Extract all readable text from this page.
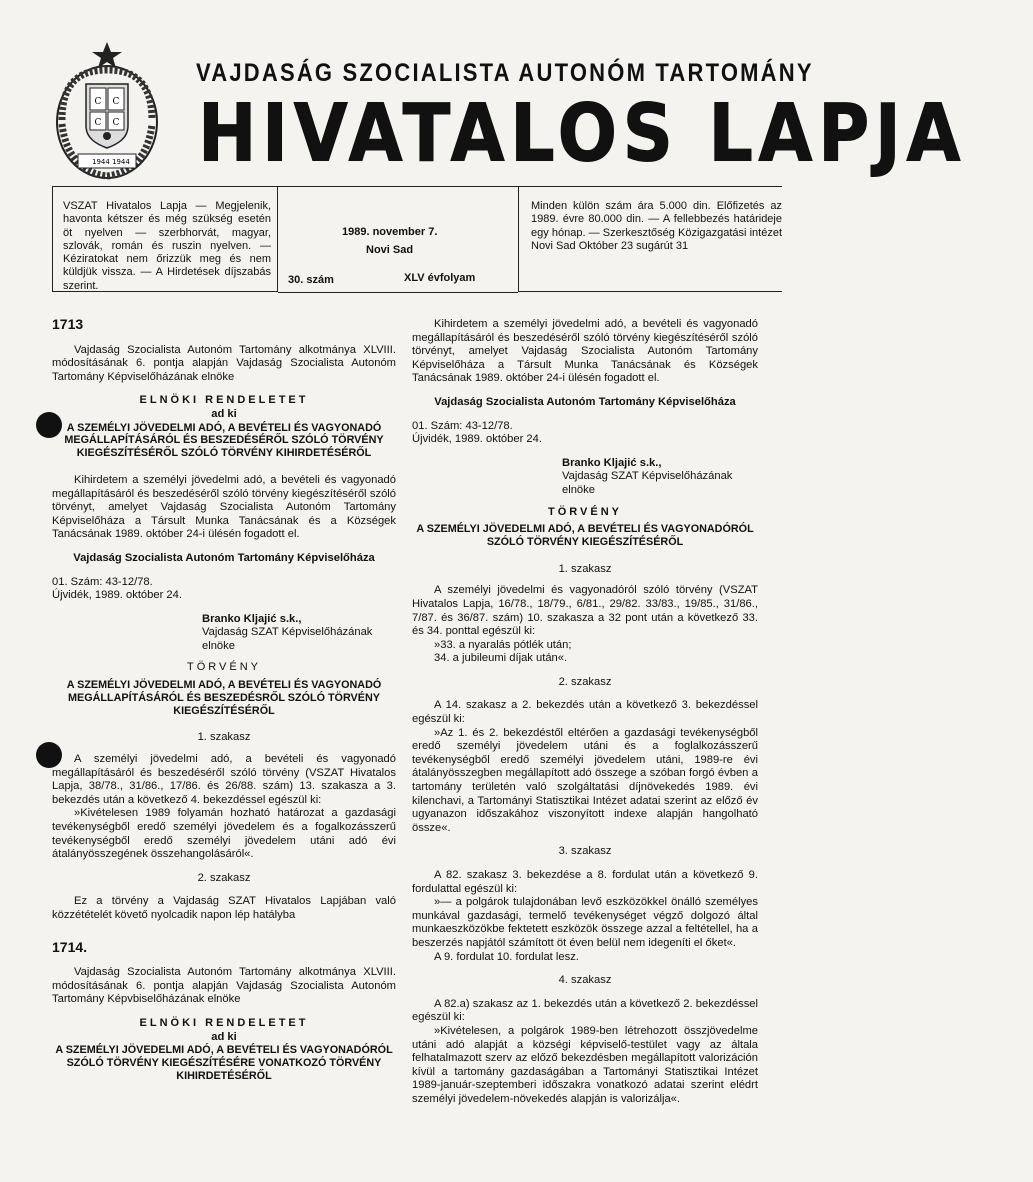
С С
С С
1944 1944
VAJDASÁG SZOCIALISTA AUTONÓM TARTOMÁNY
HIVATALOS LAPJA
VSZAT Hivatalos Lapja — Megjelenik, havonta kétszer és még szükség esetén öt nyelven — szerbhorvát, magyar, szlovák, román és ruszin nyelven. — Kéziratokat nem őrizzük meg és nem küldjük vissza. — A Hirdetések díjszabás szerint.
1989. november 7.
Novi Sad
30. szám	XLV évfolyam
Minden külön szám ára 5.000 din. Előfizetés az 1989. évre 80.000 din. — A fellebbezés határideje egy hónap. — Szerkesztőség Közigazgatási intézet Novi Sad Október 23 sugárút 31
1713

Vajdaság Szocialista Autonóm Tartomány alkotmánya XLVIII. módosításának 6. pontja alapján Vajdaság Szocialista Autonóm Tartomány Képviselőházának elnöke

ELNÖKI RENDELETET

ad ki

A SZEMÉLYI JÖVEDELMI ADÓ, A BEVÉTELI ÉS VAGYONADÓ MEGÁLLAPÍTÁSÁRÓL ÉS BESZEDÉSÉRŐL SZÓLÓ TÖRVÉNY KIEGÉSZÍTÉSÉRŐL SZÓLÓ TÖRVÉNY KIHIRDETÉSÉRŐL

Kihirdetem a személyi jövedelmi adó, a bevételi és vagyonadó megállapításáról és beszedéséről szóló törvény kiegészítéséről szóló törvényt, amelyet Vajdaság Szocialista Autonóm Tartomány Képviselőháza a Társult Munka Tanácsának és a Községek Tanácsának 1989. október 24-i ülésén fogadott el.

Vajdaság Szocialista Autonóm Tartomány Képviselőháza

01. Szám: 43-12/78.

Újvidék, 1989. október 24.

Branko Kljajić s.k.,

Vajdaság SZAT Képviselőházának

elnöke

TÖRVÉNY

A SZEMÉLYI JÖVEDELMI ADÓ, A BEVÉTELI ÉS VAGYONADÓ MEGÁLLAPÍTÁSÁRÓL ÉS BESZEDÉSRŐL SZÓLÓ TÖRVÉNY KIEGÉSZÍTÉSÉRŐL

1. szakasz

A személyi jövedelmi adó, a bevételi és vagyonadó megállapításáról és beszedéséről szóló törvény (VSZAT Hivatalos Lapja, 38/78., 31/86., 17/86. és 26/88. szám) 13. szakasza a 3. bekezdés után a következő 4. bekezdéssel egészül ki:

»Kivételesen 1989 folyamán hozható határozat a gazdasági tevékenységből eredő személyi jövedelem és a fogalkozásszerű tevékenységből eredő személyi jövedelem utáni adó évi átalányösszegének összehangolásáról«.

2. szakasz

Ez a törvény a Vajdaság SZAT Hivatalos Lapjában való közzétételét követő nyolcadik napon lép hatályba

1714.

Vajdaság Szocialista Autonóm Tartomány alkotmánya XLVIII. módosításának 6. pontja alapján Vajdaság Szocialista Autonóm Tartomány Képvbiselőházának elnöke

ELNÖKI RENDELETET

ad ki

A SZEMÉLYI JÖVEDELMI ADÓ, A BEVÉTELI ÉS VAGYONADÓRÓL SZÓLÓ TÖRVÉNY KIEGÉSZÍTÉSÉRE VONATKOZÓ TÖRVÉNY KIHIRDETÉSÉRŐL

Kihirdetem a személyi jövedelmi adó, a bevételi és vagyonadó megállapításáról és beszedéséről szóló törvény kiegészítéséről szóló törvényt, amelyet Vajdaság Szocialista Autonóm Tartomány Képviselőháza a Társult Munka Tanácsának és Községek Tanácsának 1989. október 24-i ülésén fogadott el.

Vajdaság Szocialista Autonóm Tartomány Képviselőháza

01. Szám: 43-12/78.

Újvidék, 1989. október 24.

Branko Kljajić s.k.,

Vajdaság SZAT Képviselőházának

elnöke

TÖRVÉNY

A SZEMÉLYI JÖVEDELMI ADÓ, A BEVÉTELI ÉS VAGYONADÓRÓL SZÓLÓ TÖRVÉNY KIEGÉSZÍTÉSÉRŐL

1. szakasz

A személyi jövedelmi és vagyonadóról szóló törvény (VSZAT Hivatalos Lapja, 16/78., 18/79., 6/81., 29/82. 33/83., 19/85., 31/86., 7/87. és 36/87. szám) 10. szakasza a 32 pont után a következő 33. és 34. ponttal egészül ki:

»33. a nyaralás pótlék után;

34. a jubileumi díjak után«.

2. szakasz

A 14. szakasz a 2. bekezdés után a következő 3. bekezdéssel egészül ki:

»Az 1. és 2. bekezdéstől eltérően a gazdasági tevékenységből eredő személyi jövedelem utáni és a foglalkozásszerű tevékenységből eredő személyi jövedelem utáni, 1989-re évi átalányösszegben megállapított adó összege a szóban forgó évben a tartomány területén való szolgáltatási díjnövekedés 1989. évi kilenchavi, a Tartományi Statisztikai Intézet adatai szerint az előző év ugyanazon időszakához viszonyított indexe alapján hangolható össze«.

3. szakasz

A 82. szakasz 3. bekezdése a 8. fordulat után a következő 9. fordulattal egészül ki:

»— a polgárok tulajdonában levő eszközökkel önálló személyes munkával gazdasági, termelő tevékenységet végző dolgozó által munkaeszközökbe fektetett eszközök összege azzal a feltétellel, ha a beszerzés napjától számított öt éven belül nem idegeníti el őket«.

A 9. fordulat 10. fordulat lesz.

4. szakasz

A 82.a) szakasz az 1. bekezdés után a következő 2. bekezdéssel egészül ki:

»Kivételesen, a polgárok 1989-ben létrehozott összjövedelme utáni adó alapját a községi képviselő-testület vagy az általa felhatalmazott szerv az előző bekezdésben megállapított valorizáción kívül a tartomány gazdaságában a Tartományi Statisztikai Intézet 1989-január-szeptemberi időszakra vonatkozó adatai szerint elédrt személyi jövedelem-növekedés alapján is valorizálja«.
